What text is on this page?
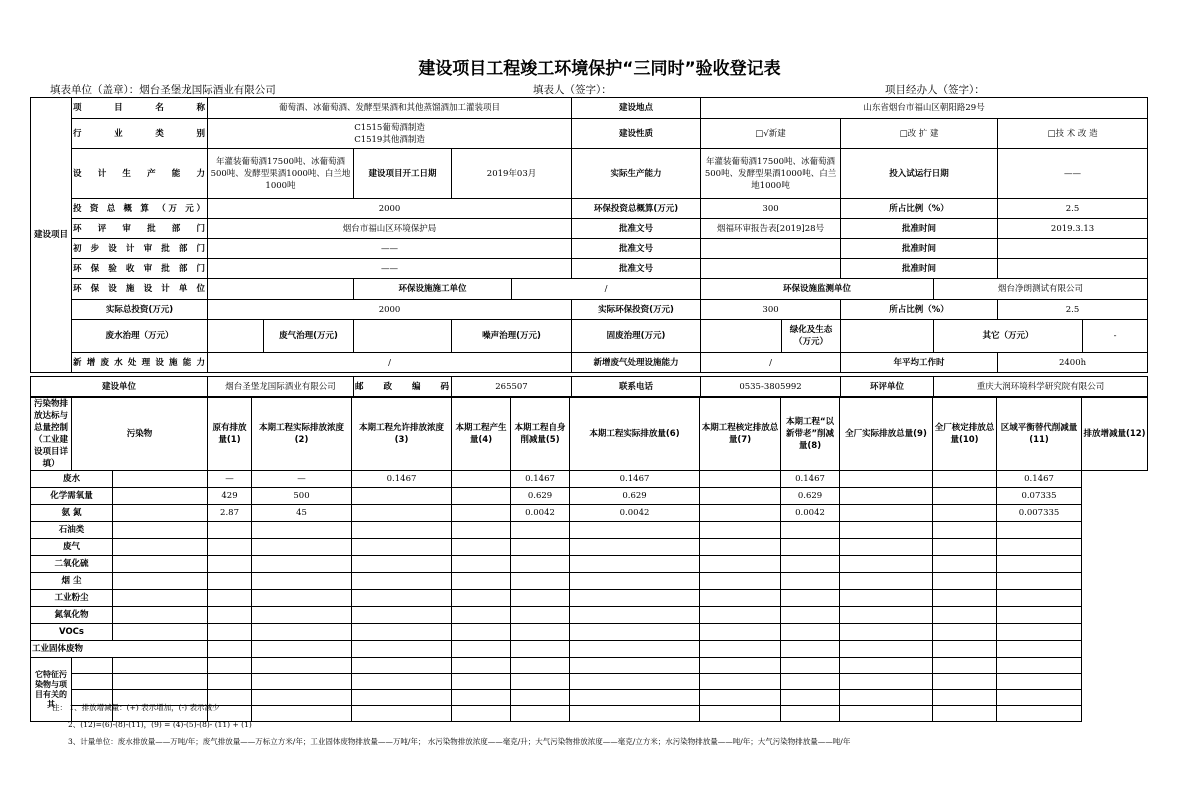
建设项目工程竣工环境保护“三同时”验收登记表
填表单位（盖章）：烟台圣堡龙国际酒业有限公司	填表人（签字）：	项目经办人（签字）：
建设项目	项 目 名 称	葡萄酒、冰葡萄酒、发酵型果酒和其他蒸馏酒加工灌装项目					建设地点	山东省烟台市福山区朝阳路29号					
	行 业 类 别	C1515葡萄酒制造
C1519其他酒制造					建设性质	□√新建		□改 扩 建		□技 术 改 造	
	设 计 生 产 能 力	年灌装葡萄酒17500吨、冰葡萄酒500吨、发酵型果酒1000吨、白兰地1000吨		建设项目开工日期	2019年03月		实际生产能力	年灌装葡萄酒17500吨、冰葡萄酒500吨、发酵型果酒1000吨、白兰地1000吨		投入试运行日期		——	
	投 资 总 概 算 （万 元）	2000					环保投资总概算(万元)	300		所占比例（%）		2.5	
	环 评 审 批 部 门	烟台市福山区环境保护局					批准文号	烟福环审报告表[2019]28号		批准时间		2019.3.13	
	初 步 设 计 审 批 部 门	——					批准文号			批准时间			
	环 保 验 收 审 批 部 门	——					批准文号			批准时间			
	环 保 设 施 设 计 单 位			环保设施施工单位		/		环保设施监测单位			烟台净朗测试有限公司		
	实际总投资(万元)	2000					实际环保投资(万元)	300		所占比例（%）		2.5	
	废水治理（万元）		废气治理(万元)		噪声治理(万元)		固废治理(万元)		绿化及生态（万元）		其它（万元）		-
	新 增 废 水 处 理 设 施 能 力	/					新增废气处理设施能力	/		年平均工作时		2400h	
建设单位	烟台圣堡龙国际酒业有限公司	邮 政 编 码	265507	联系电话	0535-3805992	环评单位	重庆大润环境科学研究院有限公司
污染物排放达标与总量控制（工业建设项目详填）	污染物		原有排放量(1)	本期工程实际排放浓度(2)	本期工程允许排放浓度(3)	本期工程产生量(4)	本期工程自身削减量(5)	本期工程实际排放量(6)	本期工程核定排放总量(7)	本期工程“以新带老”削减量(8)	全厂实际排放总量(9)	全厂核定排放总量(10)	区域平衡替代削减量(11)	排放增减量(12)
废水			—	—	0.1467		0.1467	0.1467		0.1467			0.1467	
化学需氧量			429	500			0.629	0.629		0.629			0.07335	
氨 氮			2.87	45			0.0042	0.0042		0.0042			0.007335	
石油类														
废气														
二氧化硫														
烟 尘														
工业粉尘														
氮氧化物														
VOCs														
工业固体废物														
它特征污染物与项目有关的其														

注： 1、排放增减量：(+) 表示增加，(-) 表示减少
2、(12)=(6)-(8)-(11)，(9) = (4)-(5)-(8)- (11) + (1)
3、计量单位：废水排放量——万吨/年；废气排放量——万标立方米/年；工业固体废物排放量——万吨/年； 水污染物排放浓度——毫克/升；大气污染物排放浓度——毫克/立方米；水污染物排放量——吨/年；大气污染物排放量——吨/年
